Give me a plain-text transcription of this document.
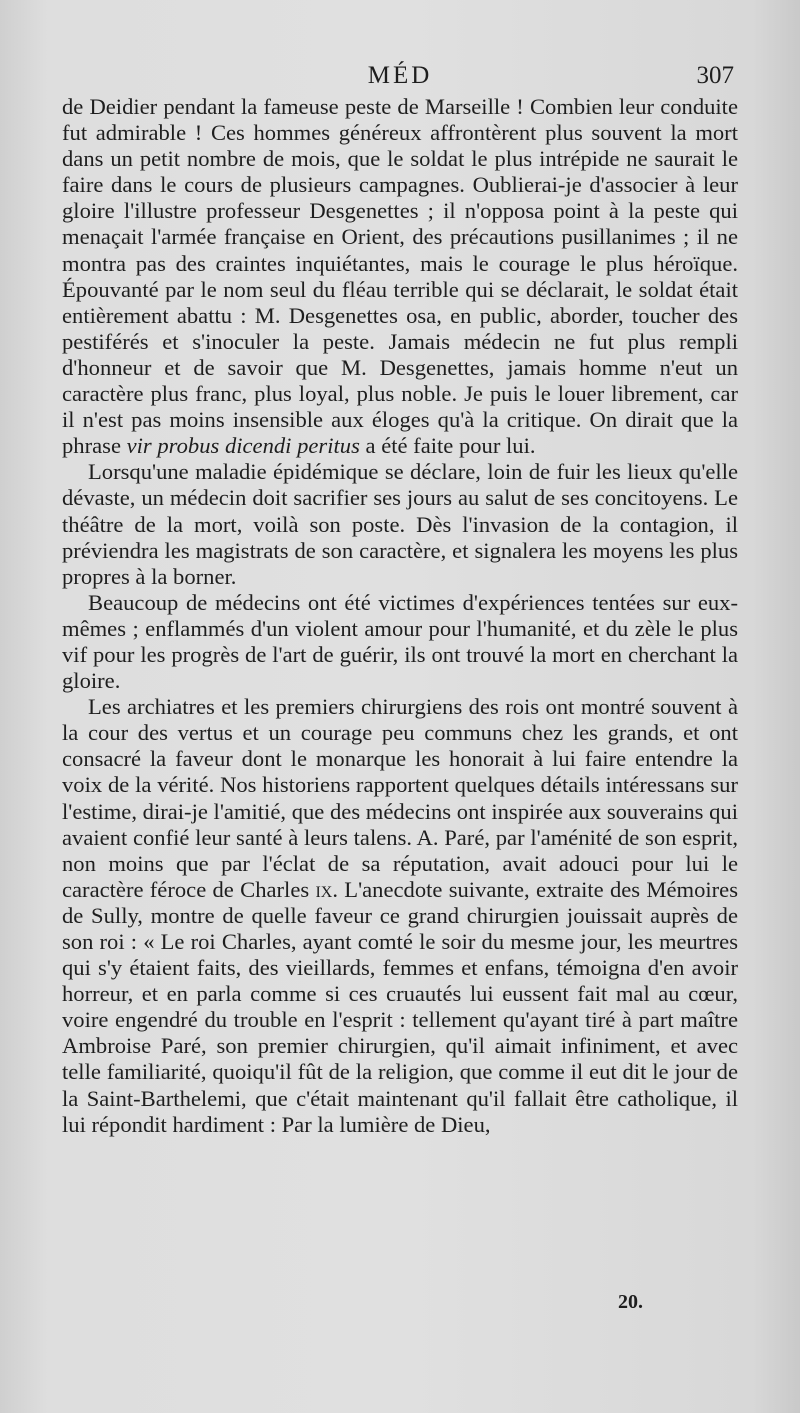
MÉD	307

de Deidier pendant la fameuse peste de Marseille ! Combien leur conduite fut admirable ! Ces hommes généreux affrontèrent plus souvent la mort dans un petit nombre de mois, que le soldat le plus intrépide ne saurait le faire dans le cours de plusieurs campagnes. Oublierai-je d'associer à leur gloire l'illustre professeur Desgenettes ; il n'opposa point à la peste qui menaçait l'armée française en Orient, des précautions pusillanimes ; il ne montra pas des craintes inquiétantes, mais le courage le plus héroïque. Épouvanté par le nom seul du fléau terrible qui se déclarait, le soldat était entièrement abattu : M. Desgenettes osa, en public, aborder, toucher des pestiférés et s'inoculer la peste. Jamais médecin ne fut plus rempli d'honneur et de savoir que M. Desgenettes, jamais homme n'eut un caractère plus franc, plus loyal, plus noble. Je puis le louer librement, car il n'est pas moins insensible aux éloges qu'à la critique. On dirait que la phrase vir probus dicendi peritus a été faite pour lui.

Lorsqu'une maladie épidémique se déclare, loin de fuir les lieux qu'elle dévaste, un médecin doit sacrifier ses jours au salut de ses concitoyens. Le théâtre de la mort, voilà son poste. Dès l'invasion de la contagion, il préviendra les magistrats de son caractère, et signalera les moyens les plus propres à la borner.

Beaucoup de médecins ont été victimes d'expériences tentées sur eux-mêmes ; enflammés d'un violent amour pour l'humanité, et du zèle le plus vif pour les progrès de l'art de guérir, ils ont trouvé la mort en cherchant la gloire.

Les archiatres et les premiers chirurgiens des rois ont montré souvent à la cour des vertus et un courage peu communs chez les grands, et ont consacré la faveur dont le monarque les honorait à lui faire entendre la voix de la vérité. Nos historiens rapportent quelques détails intéressans sur l'estime, dirai-je l'amitié, que des médecins ont inspirée aux souverains qui avaient confié leur santé à leurs talens. A. Paré, par l'aménité de son esprit, non moins que par l'éclat de sa réputation, avait adouci pour lui le caractère féroce de Charles ix. L'anecdote suivante, extraite des Mémoires de Sully, montre de quelle faveur ce grand chirurgien jouissait auprès de son roi : « Le roi Charles, ayant comté le soir du mesme jour, les meurtres qui s'y étaient faits, des vieillards, femmes et enfans, témoigna d'en avoir horreur, et en parla comme si ces cruautés lui eussent fait mal au cœur, voire engendré du trouble en l'esprit : tellement qu'ayant tiré à part maître Ambroise Paré, son premier chirurgien, qu'il aimait infiniment, et avec telle familiarité, quoiqu'il fût de la religion, que comme il eut dit le jour de la Saint-Barthelemi, que c'était maintenant qu'il fallait être catholique, il lui répondit hardiment : Par la lumière de Dieu,

20.
